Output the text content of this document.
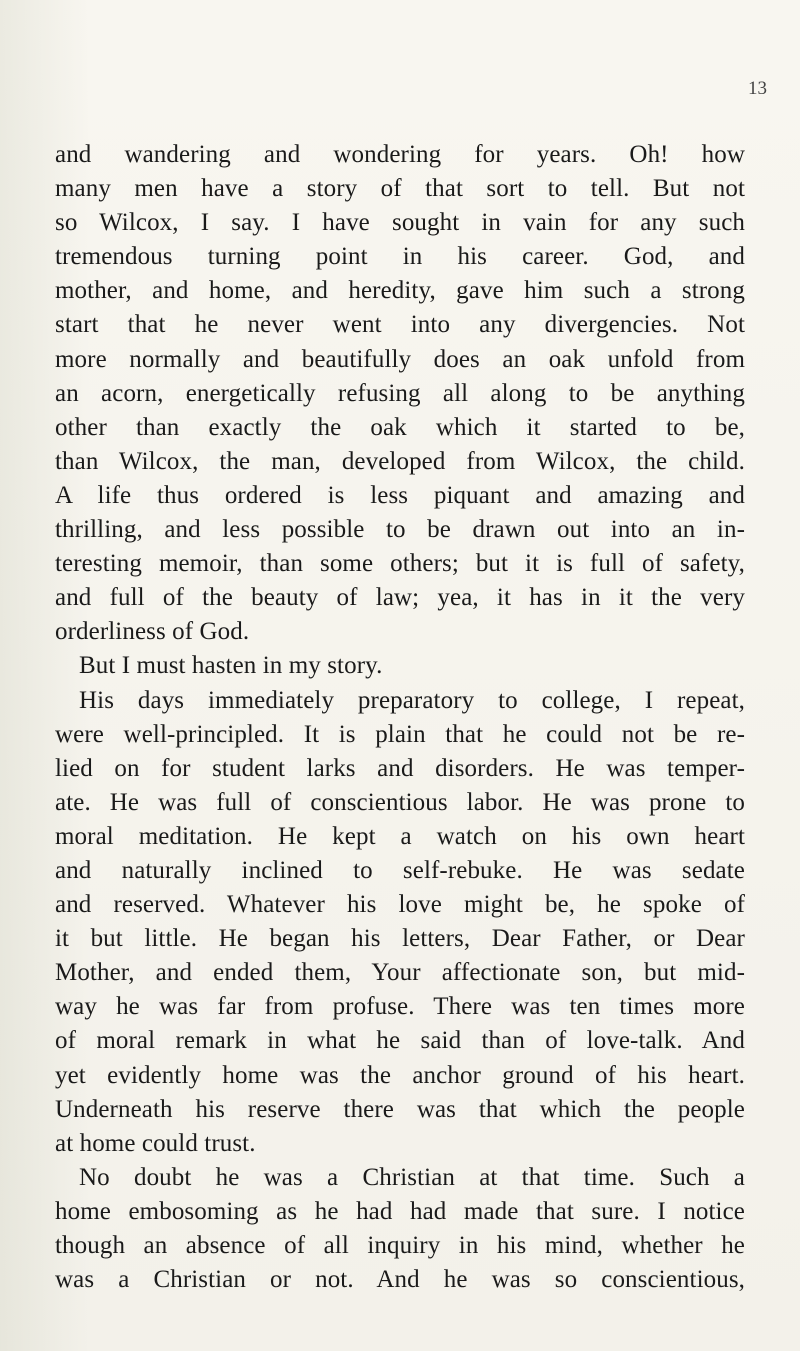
13
and wandering and wondering for years. Oh! how
many men have a story of that sort to tell. But not
so Wilcox, I say. I have sought in vain for any such
tremendous turning point in his career. God, and
mother, and home, and heredity, gave him such a strong
start that he never went into any divergencies. Not
more normally and beautifully does an oak unfold from
an acorn, energetically refusing all along to be anything
other than exactly the oak which it started to be,
than Wilcox, the man, developed from Wilcox, the child.
A life thus ordered is less piquant and amazing and
thrilling, and less possible to be drawn out into an in-
teresting memoir, than some others; but it is full of safety,
and full of the beauty of law; yea, it has in it the very
orderliness of God.
But I must hasten in my story.
His days immediately preparatory to college, I repeat,
were well-principled. It is plain that he could not be re-
lied on for student larks and disorders. He was temper-
ate. He was full of conscientious labor. He was prone to
moral meditation. He kept a watch on his own heart
and naturally inclined to self-rebuke. He was sedate
and reserved. Whatever his love might be, he spoke of
it but little. He began his letters, Dear Father, or Dear
Mother, and ended them, Your affectionate son, but mid-
way he was far from profuse. There was ten times more
of moral remark in what he said than of love-talk. And
yet evidently home was the anchor ground of his heart.
Underneath his reserve there was that which the people
at home could trust.
No doubt he was a Christian at that time. Such a
home embosoming as he had had made that sure. I notice
though an absence of all inquiry in his mind, whether he
was a Christian or not. And he was so conscientious,
